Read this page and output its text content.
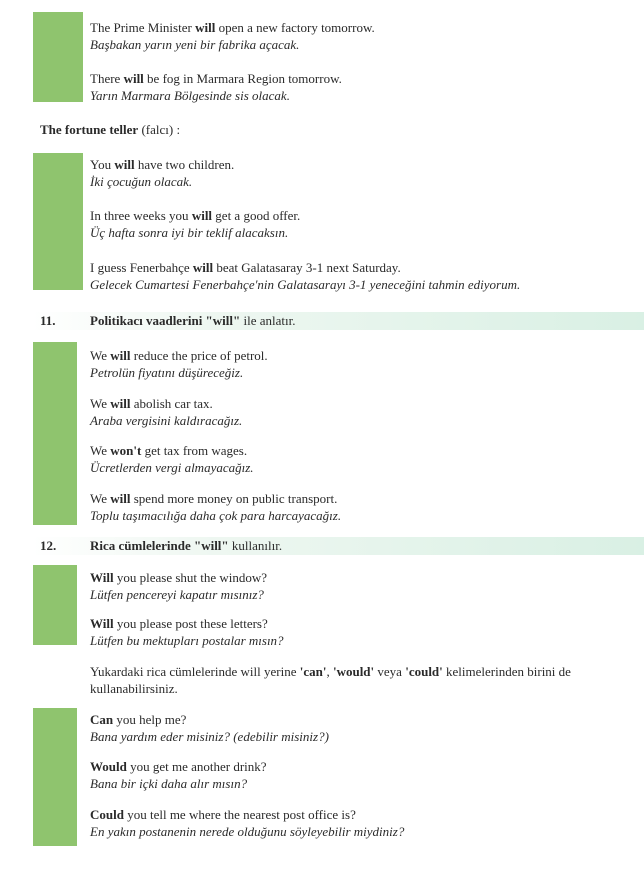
The Prime Minister will open a new factory tomorrow.
Başbakan yarın yeni bir fabrika açacak.
There will be fog in Marmara Region tomorrow.
Yarın Marmara Bölgesinde sis olacak.
The fortune teller (falcı) :
You will have two children.
İki çocuğun olacak.
In three weeks you will get a good offer.
Üç hafta sonra iyi bir teklif alacaksın.
I guess Fenerbahçe will beat Galatasaray 3-1 next Saturday.
Gelecek Cumartesi Fenerbahçe'nin Galatasarayı 3-1 yeneceğini tahmin ediyorum.
11.	Politikacı vaadlerini "will" ile anlatır.
We will reduce the price of petrol.
Petrolün fiyatını düşüreceğiz.
We will abolish car tax.
Araba vergisini kaldıracağız.
We won't get tax from wages.
Ücretlerden vergi almayacağız.
We will spend more money on public transport.
Toplu taşımacılığa daha çok para harcayacağız.
12.	Rica cümlelerinde "will" kullanılır.
Will you please shut the window?
Lütfen pencereyi kapatır mısınız?
Will you please post these letters?
Lütfen bu mektupları postalar mısın?
Yukardaki rica cümlelerinde will yerine 'can', 'would' veya 'could' kelimelerinden birini de kullanabilirsiniz.
Can you help me?
Bana yardım eder misiniz? (edebilir misiniz?)
Would you get me another drink?
Bana bir içki daha alır mısın?
Could you tell me where the nearest post office is?
En yakın postanenin nerede olduğunu söyleyebilir miydiniz?
